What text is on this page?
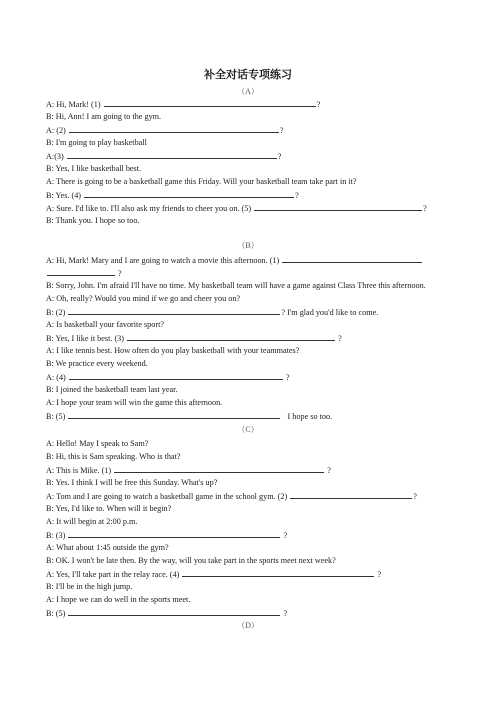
补全对话专项练习
（A）
A: Hi, Mark! (1)	?
B: Hi, Ann! I am going to the gym.
A: (2)	?
B: I'm going to play basketball
A:(3)	?
B: Yes, I like basketball best.
A: There is going to be a basketball game this Friday. Will your basketball team take part in it?
B: Yes. (4)	?
A: Sure. I'd like to. I'll also ask my friends to cheer you on. (5)	?
B: Thank you. I hope so too.
（B）
A: Hi, Mark! Mary and I are going to watch a movie this afternoon. (1)
?
B: Sorry, John. I'm afraid I'll have no time. My basketball team will have a game against Class Three this afternoon.
A: Oh, really? Would you mind if we go and cheer you on?
B: (2)	? I'm glad you'd like to come.
A: Is basketball your favorite sport?
B: Yes, I like it best. (3)	?
A: I like tennis best. How often do you play basketball with your teammates?
B: We practice every weekend.
A: (4)	?
B: I joined the basketball team last year.
A: I hope your team will win the game this afternoon.
B: (5)	I hope so too.
（C）
A: Hello! May I speak to Sam?
B: Hi, this is Sam speaking. Who is that?
A: This is Mike. (1)	?
B: Yes. I think I will be free this Sunday. What's up?
A: Tom and I are going to watch a basketball game in the school gym. (2)	?
B: Yes, I'd like to. When will it begin?
A: It will begin at 2:00 p.m.
B: (3)	?
A: What about 1:45 outside the gym?
B: OK. I won't be late then. By the way, will you take part in the sports meet next week?
A: Yes, I'll take part in the relay race. (4)	?
B: I'll be in the high jump.
A: I hope we can do well in the sports meet.
B: (5)	?
（D）
